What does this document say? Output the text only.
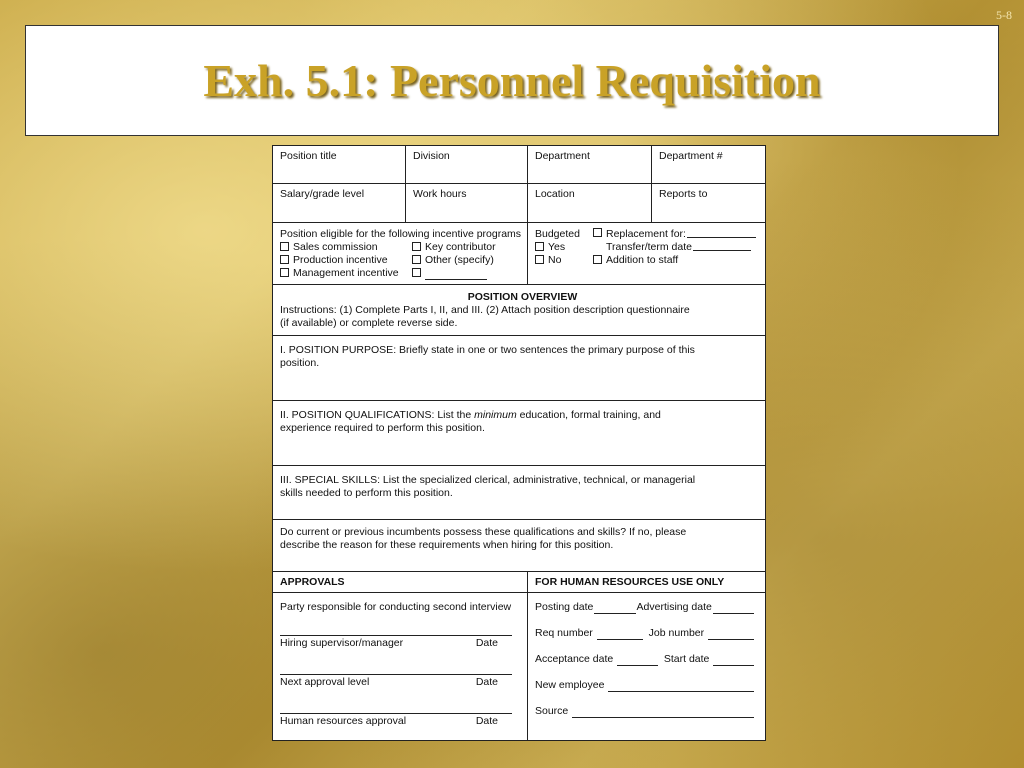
5-8
Exh. 5.1: Personnel Requisition
Position title	Division	Department	Department #
Salary/grade level	Work hours	Location	Reports to
Position eligible for the following incentive programs
Sales commission	Key contributor
Production incentive	Other (specify)
Management incentive
Budgeted	Replacement for:
Yes	Transfer/term date
No	Addition to staff
POSITION OVERVIEW
Instructions: (1) Complete Parts I, II, and III. (2) Attach position description questionnaire
(if available) or complete reverse side.
I. POSITION PURPOSE: Briefly state in one or two sentences the primary purpose of this
position.
II. POSITION QUALIFICATIONS: List the minimum education, formal training, and
experience required to perform this position.
III. SPECIAL SKILLS: List the specialized clerical, administrative, technical, or managerial
skills needed to perform this position.
Do current or previous incumbents possess these qualifications and skills? If no, please
describe the reason for these requirements when hiring for this position.
APPROVALS	FOR HUMAN RESOURCES USE ONLY
Party responsible for conducting second interview
Hiring supervisor/manager	Date
Next approval level	Date
Human resources approval	Date
Posting date	Advertising date
Req number	Job number
Acceptance date	Start date
New employee
Source
